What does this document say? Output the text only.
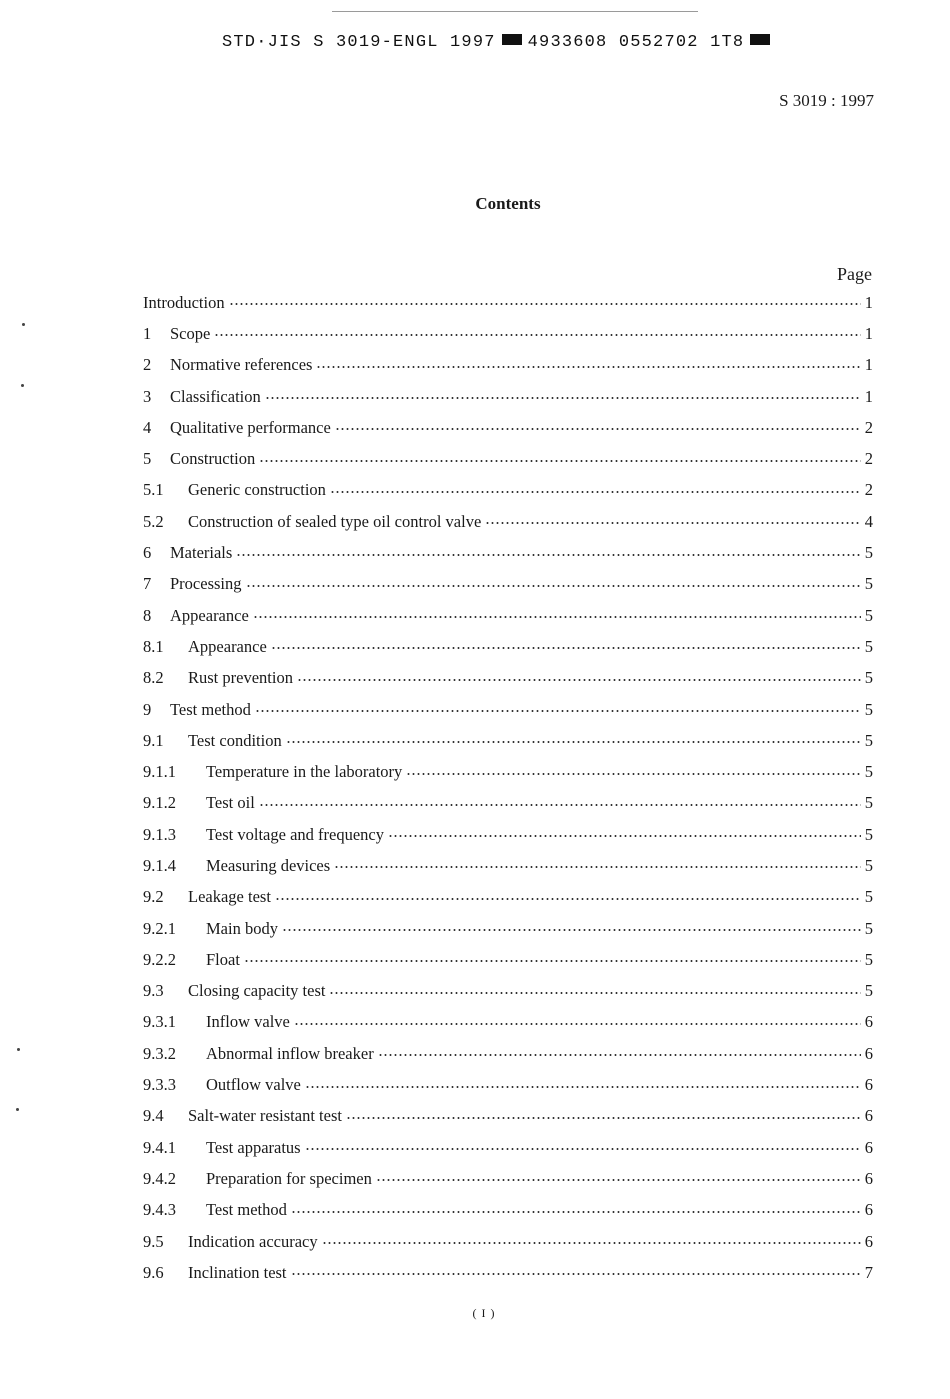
STD·JIS S 3019-ENGL 1997 4933608 0552702 1T8
S 3019 : 1997
Contents
Page
Introduction	1
1	Scope	1
2	Normative references	1
3	Classification	1
4	Qualitative performance	2
5	Construction	2
5.1	Generic construction	2
5.2	Construction of sealed type oil control valve	4
6	Materials	5
7	Processing	5
8	Appearance	5
8.1	Appearance	5
8.2	Rust prevention	5
9	Test method	5
9.1	Test condition	5
9.1.1	Temperature in the laboratory	5
9.1.2	Test oil	5
9.1.3	Test voltage and frequency	5
9.1.4	Measuring devices	5
9.2	Leakage test	5
9.2.1	Main body	5
9.2.2	Float	5
9.3	Closing capacity test	5
9.3.1	Inflow valve	6
9.3.2	Abnormal inflow breaker	6
9.3.3	Outflow valve	6
9.4	Salt-water resistant test	6
9.4.1	Test apparatus	6
9.4.2	Preparation for specimen	6
9.4.3	Test method	6
9.5	Indication accuracy	6
9.6	Inclination test	7
( I )
